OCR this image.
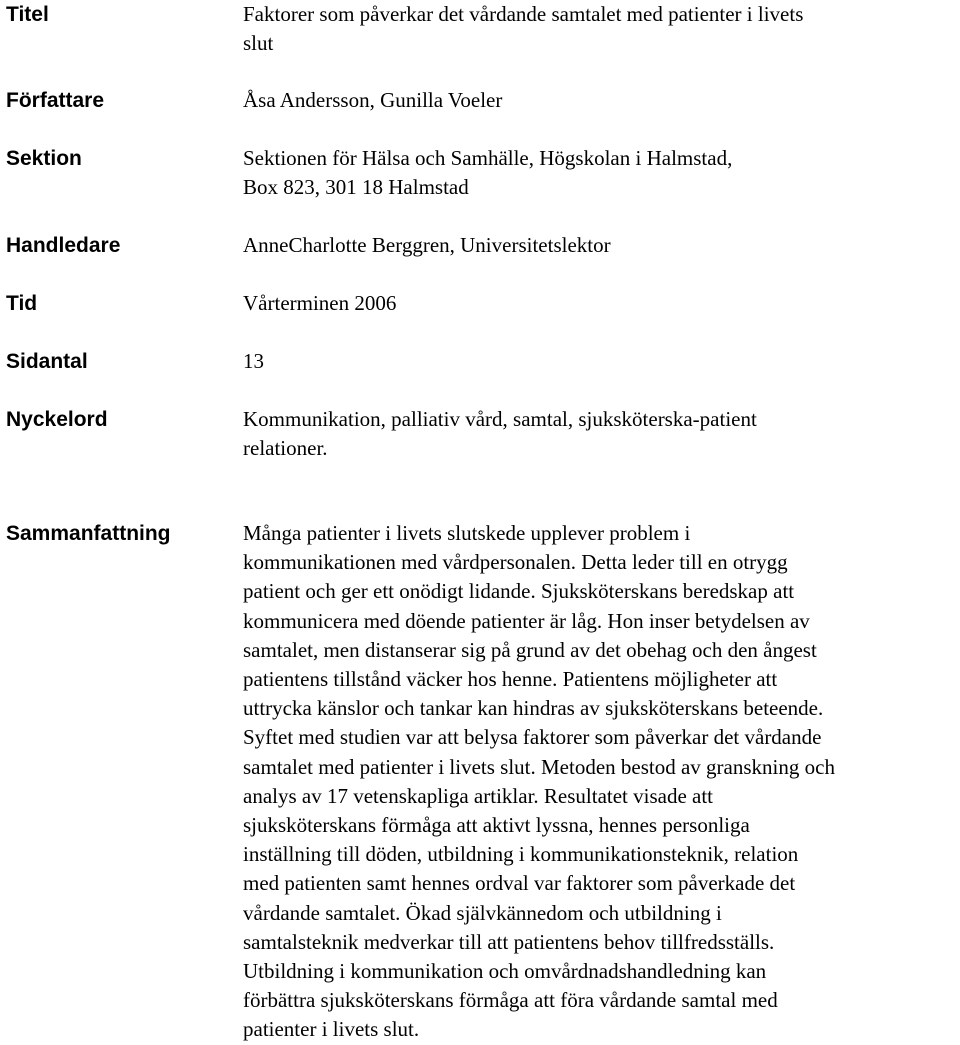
Titel	Faktorer som påverkar det vårdande samtalet med patienter i livets
slut
Författare	Åsa Andersson, Gunilla Voeler
Sektion	Sektionen för Hälsa och Samhälle, Högskolan i Halmstad,
Box 823, 301 18 Halmstad
Handledare	AnneCharlotte Berggren, Universitetslektor
Tid	Vårterminen 2006
Sidantal	13
Nyckelord	Kommunikation, palliativ vård, samtal, sjuksköterska-patient
relationer.
Sammanfattning	Många patienter i livets slutskede upplever problem i
kommunikationen med vårdpersonalen. Detta leder till en otrygg
patient och ger ett onödigt lidande. Sjuksköterskans beredskap att
kommunicera med döende patienter är låg. Hon inser betydelsen av
samtalet, men distanserar sig på grund av det obehag och den ångest
patientens tillstånd väcker hos henne. Patientens möjligheter att
uttrycka känslor och tankar kan hindras av sjuksköterskans beteende.
Syftet med studien var att belysa faktorer som påverkar det vårdande
samtalet med patienter i livets slut. Metoden bestod av granskning och
analys av 17 vetenskapliga artiklar. Resultatet visade att
sjuksköterskans förmåga att aktivt lyssna, hennes personliga
inställning till döden, utbildning i kommunikationsteknik, relation
med patienten samt hennes ordval var faktorer som påverkade det
vårdande samtalet. Ökad självkännedom och utbildning i
samtalsteknik medverkar till att patientens behov tillfredsställs.
Utbildning i kommunikation och omvårdnadshandledning kan
förbättra sjuksköterskans förmåga att föra vårdande samtal med
patienter i livets slut.
